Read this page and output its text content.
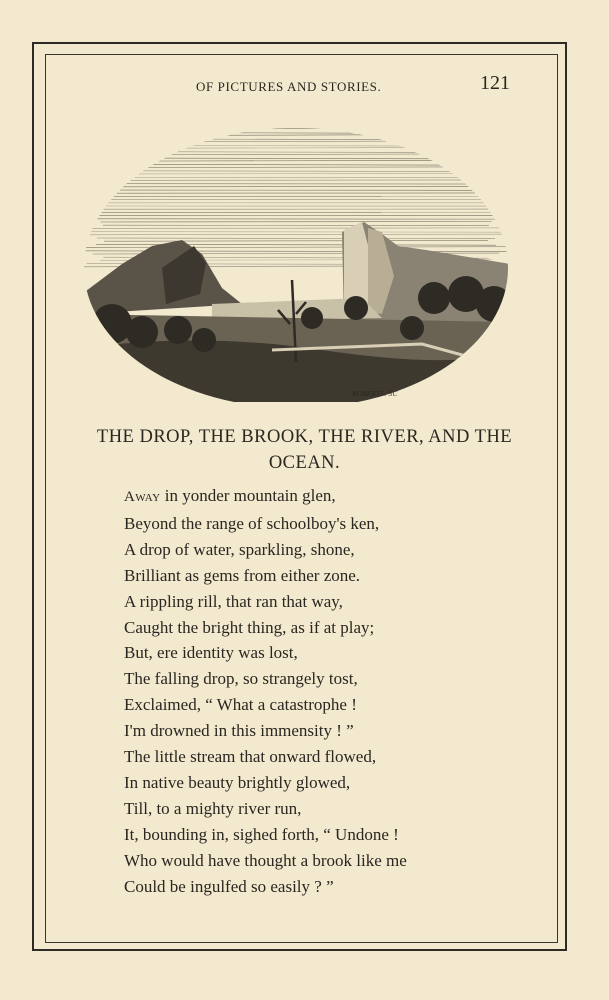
OF PICTURES AND STORIES.	121
ROBERTS. SC
THE DROP, THE BROOK, THE RIVER, AND THE OCEAN.
Away in yonder mountain glen,
Beyond the range of schoolboy's ken,
A drop of water, sparkling, shone,
Brilliant as gems from either zone.
A rippling rill, that ran that way,
Caught the bright thing, as if at play;
But, ere identity was lost,
The falling drop, so strangely tost,
Exclaimed, “ What a catastrophe !
I'm drowned in this immensity ! ”
The little stream that onward flowed,
In native beauty brightly glowed,
Till, to a mighty river run,
It, bounding in, sighed forth, “ Undone !
Who would have thought a brook like me
Could be ingulfed so easily ? ”
